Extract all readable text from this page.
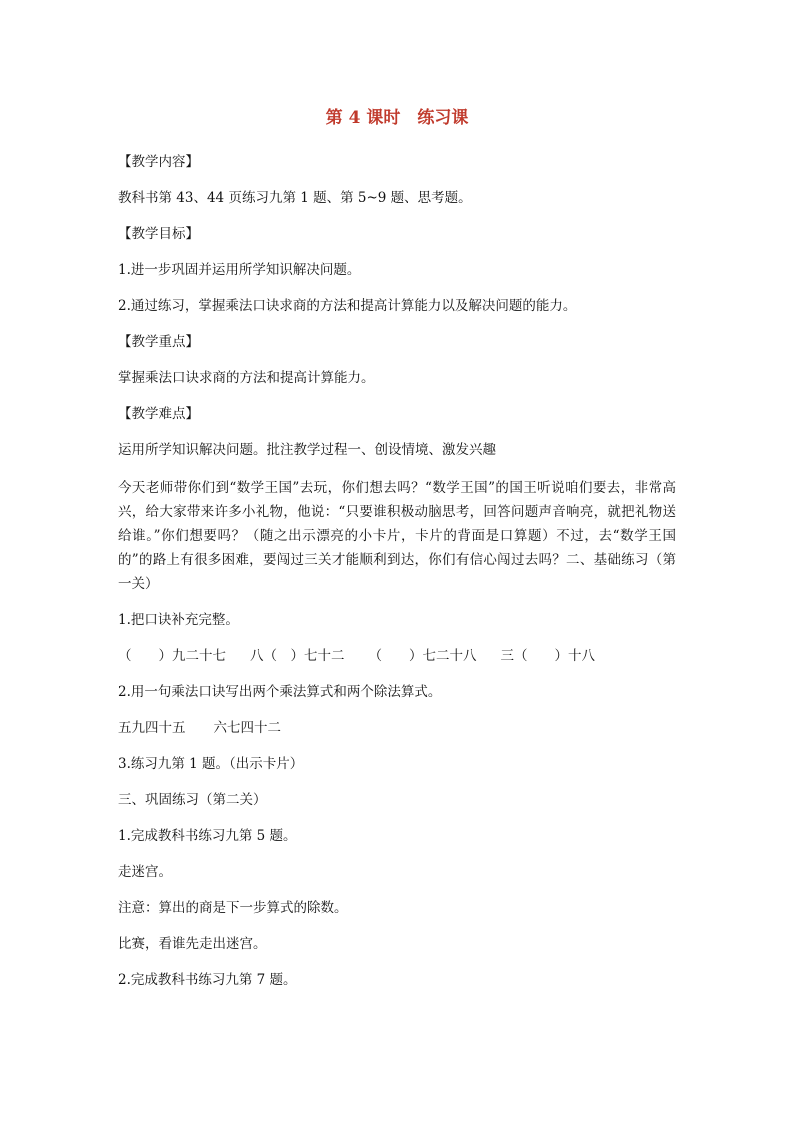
第 4 课时　练习课
【教学内容】
教科书第 43、44 页练习九第 1 题、第 5~9 题、思考题。
【教学目标】
1.进一步巩固并运用所学知识解决问题。
2.通过练习，掌握乘法口诀求商的方法和提高计算能力以及解决问题的能力。
【教学重点】
掌握乘法口诀求商的方法和提高计算能力。
【教学难点】
运用所学知识解决问题。批注教学过程一、创设情境、激发兴趣
今天老师带你们到“数学王国”去玩，你们想去吗？“数学王国”的国王听说咱们要去，非常高兴，给大家带来许多小礼物，他说：“只要谁积极动脑思考，回答问题声音响亮，就把礼物送给谁。”你们想要吗？（随之出示漂亮的小卡片，卡片的背面是口算题）不过，去“数学王国的”的路上有很多困难，要闯过三关才能顺利到达，你们有信心闯过去吗？二、基础练习（第一关）
1.把口诀补充完整。
（　　）九二十七 八（　）七十二 （　　）七二十八 三（　　）十八
2.用一句乘法口诀写出两个乘法算式和两个除法算式。
五九四十五 六七四十二
3.练习九第 1 题。（出示卡片）
三、巩固练习（第二关）
1.完成教科书练习九第 5 题。
走迷宫。
注意：算出的商是下一步算式的除数。
比赛，看谁先走出迷宫。
2.完成教科书练习九第 7 题。
